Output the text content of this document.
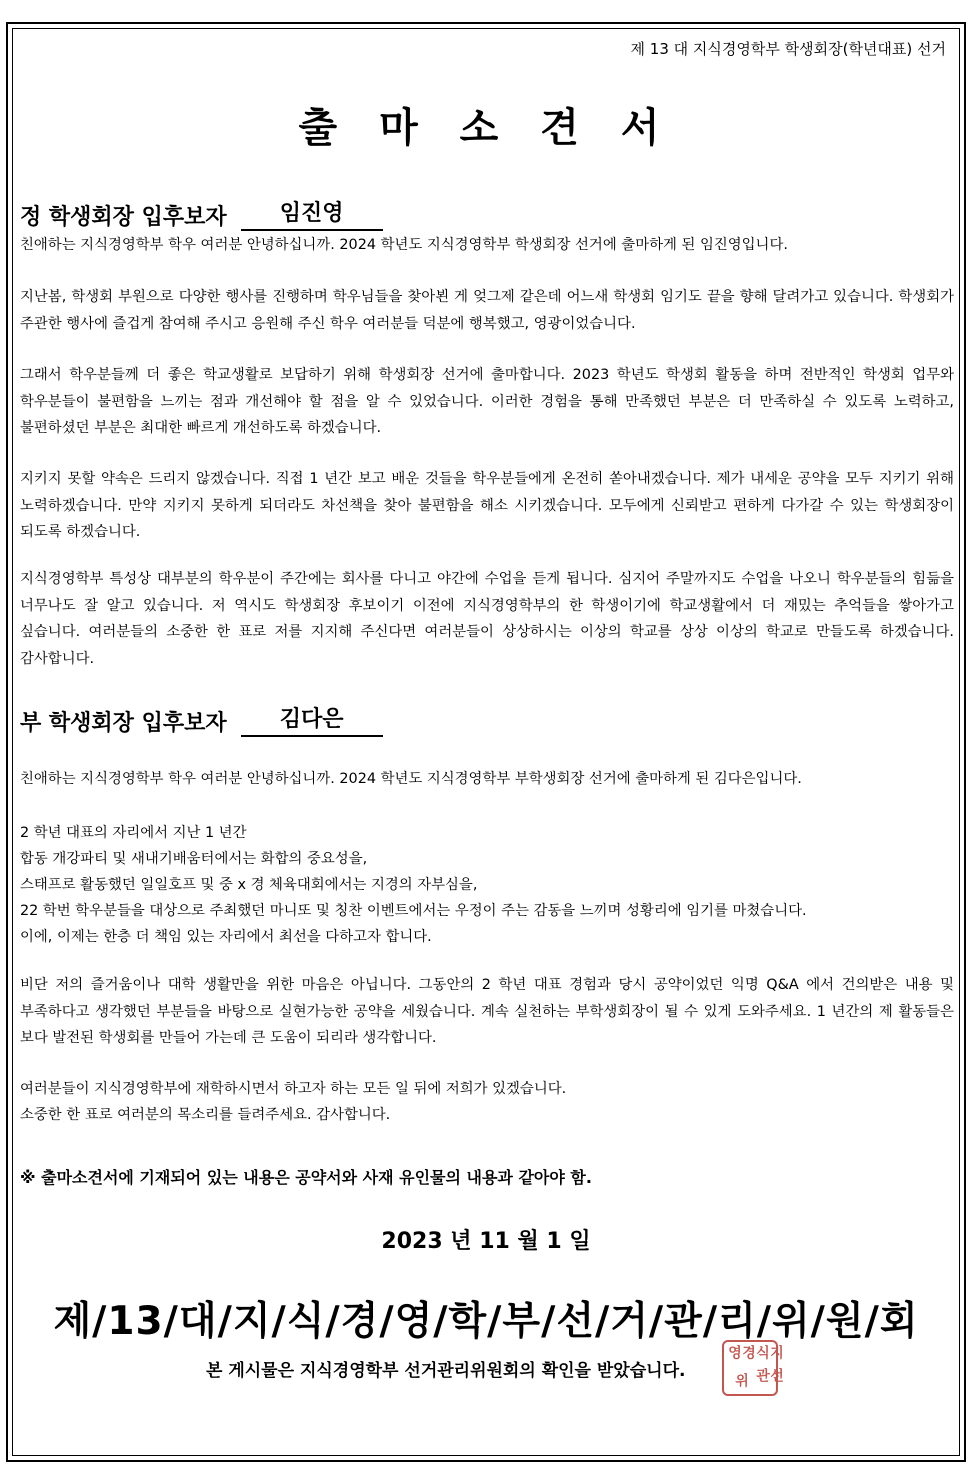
제 13 대 지식경영학부 학생회장(학년대표) 선거
출 마 소 견 서
정 학생회장 입후보자	임진영
친애하는 지식경영학부 학우 여러분 안녕하십니까. 2024 학년도 지식경영학부 학생회장 선거에 출마하게 된 임진영입니다.
지난봄, 학생회 부원으로 다양한 행사를 진행하며 학우님들을 찾아뵌 게 엊그제 같은데 어느새 학생회 임기도 끝을 향해 달려가고 있습니다. 학생회가 주관한 행사에 즐겁게 참여해 주시고 응원해 주신 학우 여러분들 덕분에 행복했고, 영광이었습니다.
그래서 학우분들께 더 좋은 학교생활로 보답하기 위해 학생회장 선거에 출마합니다. 2023 학년도 학생회 활동을 하며 전반적인 학생회 업무와 학우분들이 불편함을 느끼는 점과 개선해야 할 점을 알 수 있었습니다. 이러한 경험을 통해 만족했던 부분은 더 만족하실 수 있도록 노력하고, 불편하셨던 부분은 최대한 빠르게 개선하도록 하겠습니다.
지키지 못할 약속은 드리지 않겠습니다. 직접 1 년간 보고 배운 것들을 학우분들에게 온전히 쏟아내겠습니다. 제가 내세운 공약을 모두 지키기 위해 노력하겠습니다. 만약 지키지 못하게 되더라도 차선책을 찾아 불편함을 해소 시키겠습니다. 모두에게 신뢰받고 편하게 다가갈 수 있는 학생회장이 되도록 하겠습니다.
지식경영학부 특성상 대부분의 학우분이 주간에는 회사를 다니고 야간에 수업을 듣게 됩니다. 심지어 주말까지도 수업을 나오니 학우분들의 힘듦을 너무나도 잘 알고 있습니다. 저 역시도 학생회장 후보이기 이전에 지식경영학부의 한 학생이기에 학교생활에서 더 재밌는 추억들을 쌓아가고 싶습니다. 여러분들의 소중한 한 표로 저를 지지해 주신다면 여러분들이 상상하시는 이상의 학교를 상상 이상의 학교로 만들도록 하겠습니다. 감사합니다.
부 학생회장 입후보자	김다은
친애하는 지식경영학부 학우 여러분 안녕하십니까. 2024 학년도 지식경영학부 부학생회장 선거에 출마하게 된 김다은입니다.
2 학년 대표의 자리에서 지난 1 년간
합동 개강파티 및 새내기배움터에서는 화합의 중요성을,
스태프로 활동했던 일일호프 및 중 x 경 체육대회에서는 지경의 자부심을,
22 학번 학우분들을 대상으로 주최했던 마니또 및 칭찬 이벤트에서는 우정이 주는 감동을 느끼며 성황리에 임기를 마쳤습니다.
이에, 이제는 한층 더 책임 있는 자리에서 최선을 다하고자 합니다.
비단 저의 즐거움이나 대학 생활만을 위한 마음은 아닙니다. 그동안의 2 학년 대표 경험과 당시 공약이었던 익명 Q&A 에서 건의받은 내용 및 부족하다고 생각했던 부분들을 바탕으로 실현가능한 공약을 세웠습니다. 계속 실천하는 부학생회장이 될 수 있게 도와주세요. 1 년간의 제 활동들은 보다 발전된 학생회를 만들어 가는데 큰 도움이 되리라 생각합니다.
여러분들이 지식경영학부에 재학하시면서 하고자 하는 모든 일 뒤에 저희가 있겠습니다.
소중한 한 표로 여러분의 목소리를 들려주세요. 감사합니다.
※ 출마소견서에 기재되어 있는 내용은 공약서와 사재 유인물의 내용과 같아야 함.
2023 년 11 월 1 일
제/13/대/지/식/경/영/학/부/선/거/관/리/위/원/회
본 게시물은 지식경영학부 선거관리위원회의 확인을 받았습니다.
경영	지식
위	선관
